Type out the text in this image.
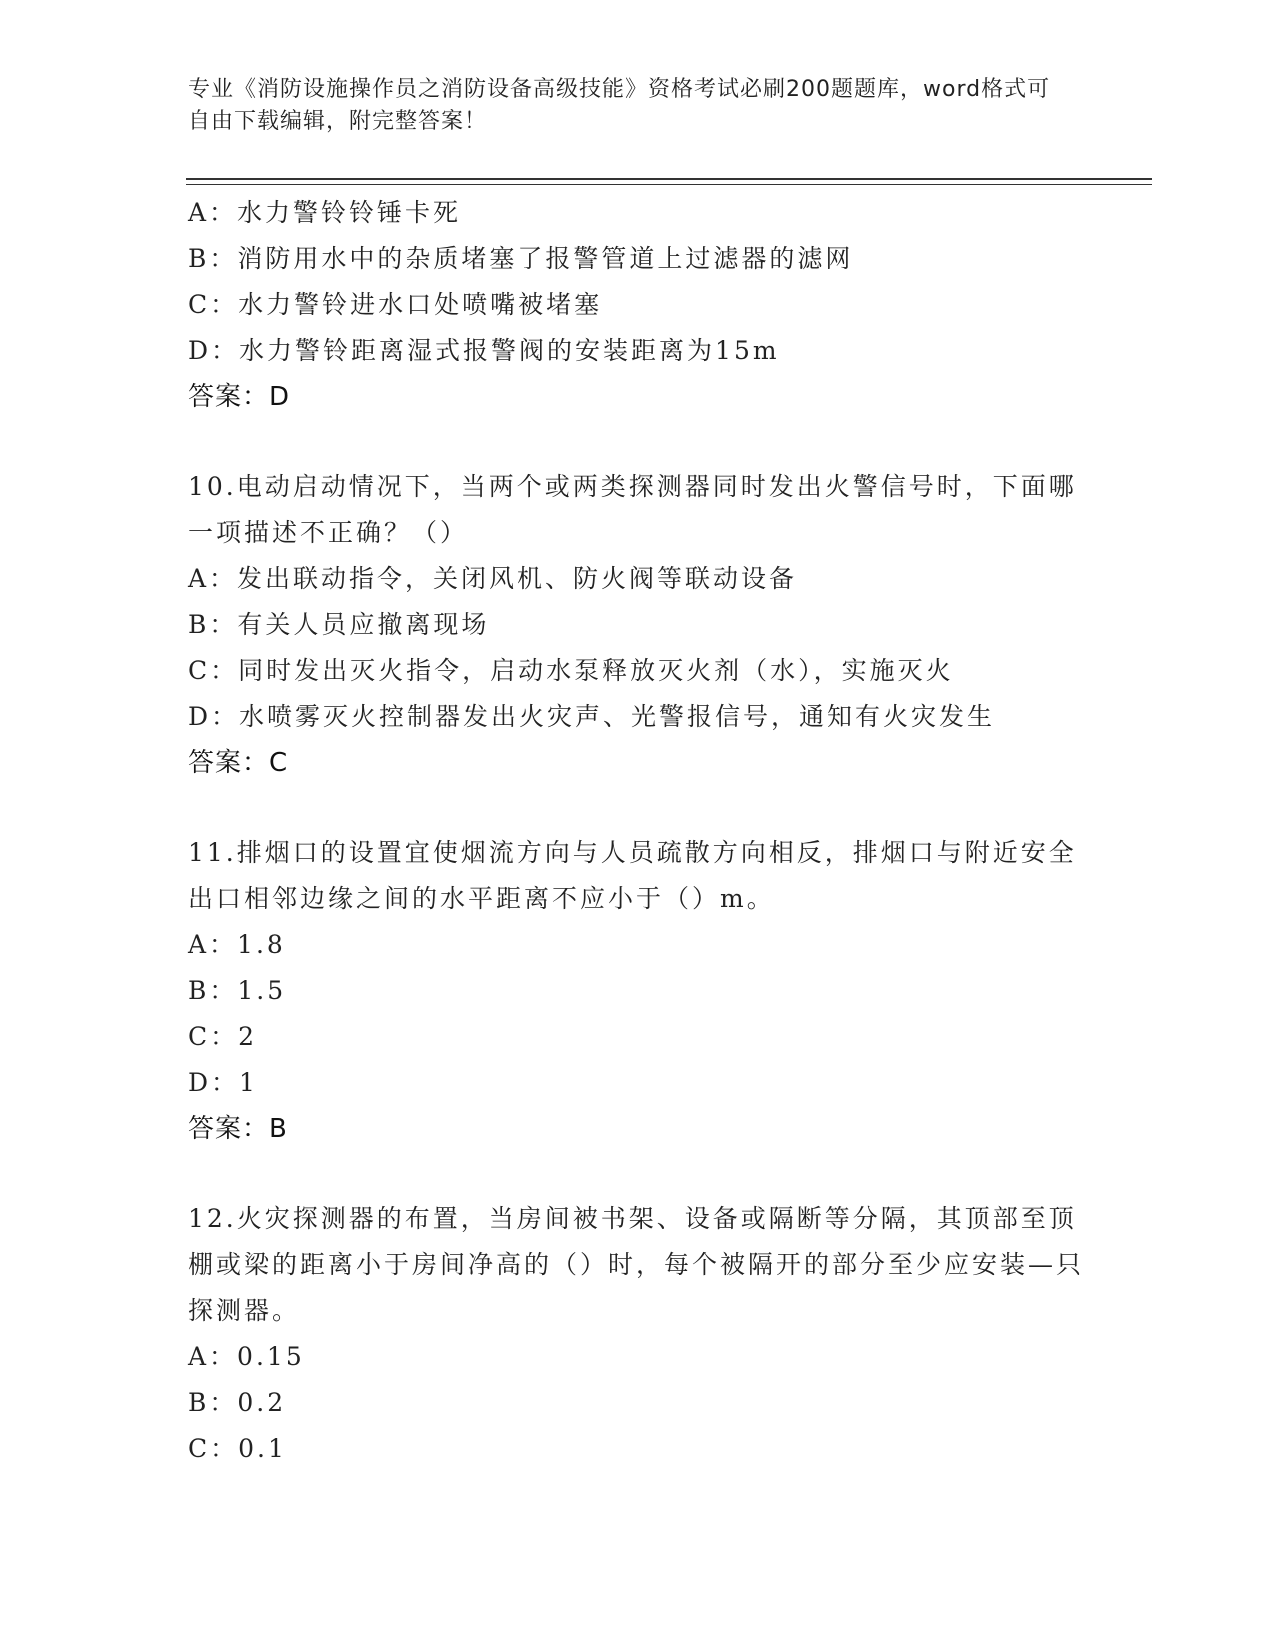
专业《消防设施操作员之消防设备高级技能》资格考试必刷200题题库，word格式可自由下载编辑，附完整答案！
A：水力警铃铃锤卡死
B：消防用水中的杂质堵塞了报警管道上过滤器的滤网
C：水力警铃进水口处喷嘴被堵塞
D：水力警铃距离湿式报警阀的安装距离为15m
答案：D
10.电动启动情况下，当两个或两类探测器同时发出火警信号时，下面哪一项描述不正确？（）
A：发出联动指令，关闭风机、防火阀等联动设备
B：有关人员应撤离现场
C：同时发出灭火指令，启动水泵释放灭火剂（水），实施灭火
D：水喷雾灭火控制器发出火灾声、光警报信号，通知有火灾发生
答案：C
11.排烟口的设置宜使烟流方向与人员疏散方向相反，排烟口与附近安全出口相邻边缘之间的水平距离不应小于（）m。
A：1.8
B：1.5
C：2
D：1
答案：B
12.火灾探测器的布置，当房间被书架、设备或隔断等分隔，其顶部至顶棚或梁的距离小于房间净高的（）时，每个被隔开的部分至少应安装—只探测器。
A：0.15
B：0.2
C：0.1
